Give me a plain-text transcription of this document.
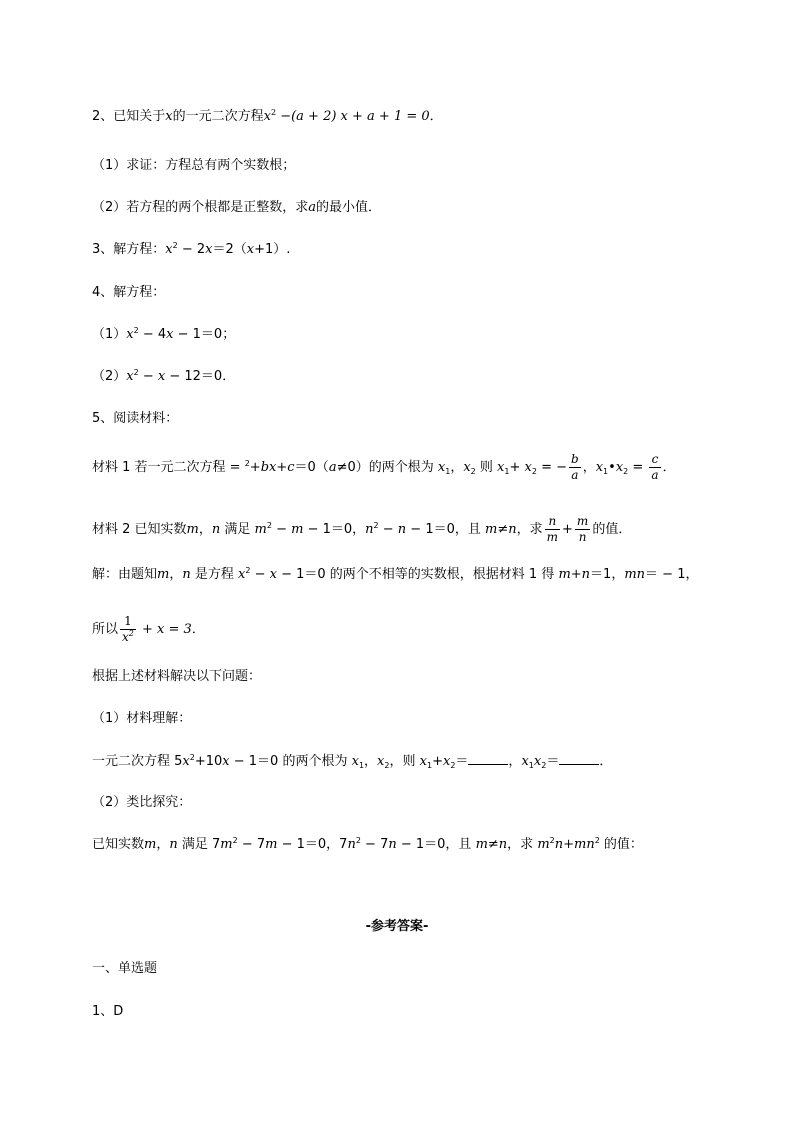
2、已知关于x的一元二次方程$x^2 -(a + 2) x + a + 1 = 0$．
（1）求证：方程总有两个实数根；
（2）若方程的两个根都是正整数，求a的最小值．
3、解方程：$x^2 - 2x=2(x+1)$.
4、解方程：
$(1)x^2 - 4x - 1=0$；
$(2)x^2 - x - 12=0$．
5、阅读材料：
材料 1 若一元二次方程 = $^2$+bx+c＝0（a≠0）的两个根为 $x_1$，$x_2$ 则 $x_1+ x_2$ = − $\frac{b}{a}$ ，$x_1•x_2 = \frac{c}{a}$ ．
材料 2 已知实数m，n 满足 $m^2 - m - 1=0$，$n^2 - n - 1=0$，且 m≠n，求 $\frac{n}{m} + \frac{m}{n}$ 的值．
解：由题知m，n 是方程 $x^2 - x - 1=0$ 的两个不相等的实数根，根据材料 1 得 m+n＝1，mn＝ − 1，
所以 $\frac{1}{x^2} + x = 3$．
根据上述材料解决以下问题：
（1）材料理解：
一元二次方程 $5x^2+10x - 1=0$ 的两个根为 $x_1$，$x_2$，则 $x_1+x_2=$	，$x_1x_2=$	．
（2）类比探究：
已知实数m，n 满足 $7m^2 - 7m - 1=0$，$7n^2 - 7n - 1=0$，且 m≠n，求 $m^2n+mn^2$ 的值：
-参考答案-
一、单选题
1、D
